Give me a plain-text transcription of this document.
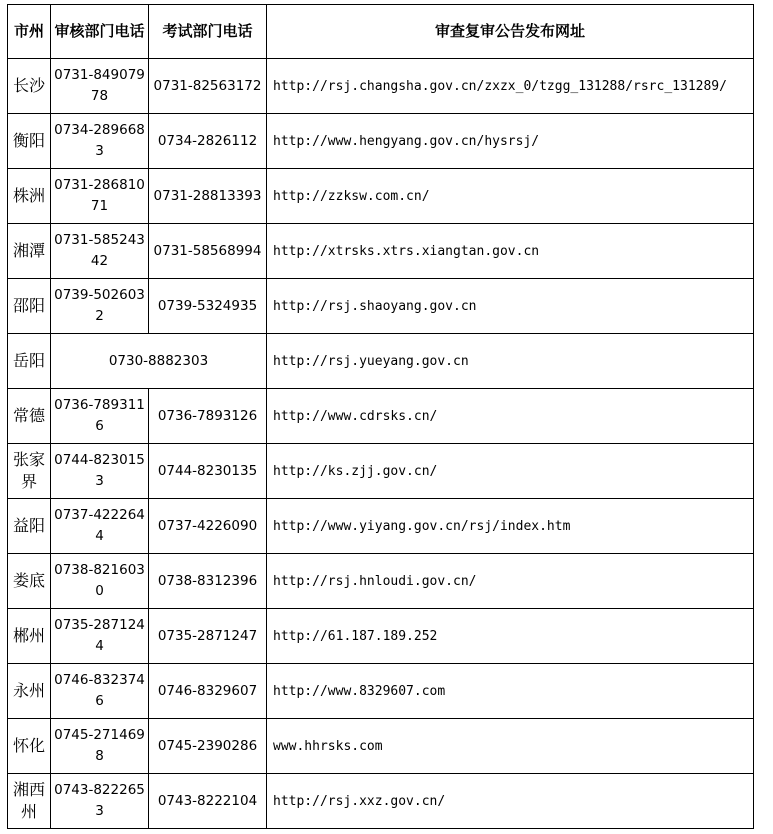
市州	审核部门电话	考试部门电话	审查复审公告发布网址
长沙	0731-84907978	0731-82563172	http://rsj.changsha.gov.cn/zxzx_0/tzgg_131288/rsrc_131289/
衡阳	0734-2896683	0734-2826112	http://www.hengyang.gov.cn/hysrsj/
株洲	0731-28681071	0731-28813393	http://zzksw.com.cn/
湘潭	0731-58524342	0731-58568994	http://xtrsks.xtrs.xiangtan.gov.cn
邵阳	0739-5026032	0739-5324935	http://rsj.shaoyang.gov.cn
岳阳	0730-8882303		http://rsj.yueyang.gov.cn
常德	0736-7893116	0736-7893126	http://www.cdrsks.cn/
张家界	0744-8230153	0744-8230135	http://ks.zjj.gov.cn/
益阳	0737-4222644	0737-4226090	http://www.yiyang.gov.cn/rsj/index.htm
娄底	0738-8216030	0738-8312396	http://rsj.hnloudi.gov.cn/
郴州	0735-2871244	0735-2871247	http://61.187.189.252
永州	0746-8323746	0746-8329607	http://www.8329607.com
怀化	0745-2714698	0745-2390286	www.hhrsks.com
湘西州	0743-8222653	0743-8222104	http://rsj.xxz.gov.cn/
